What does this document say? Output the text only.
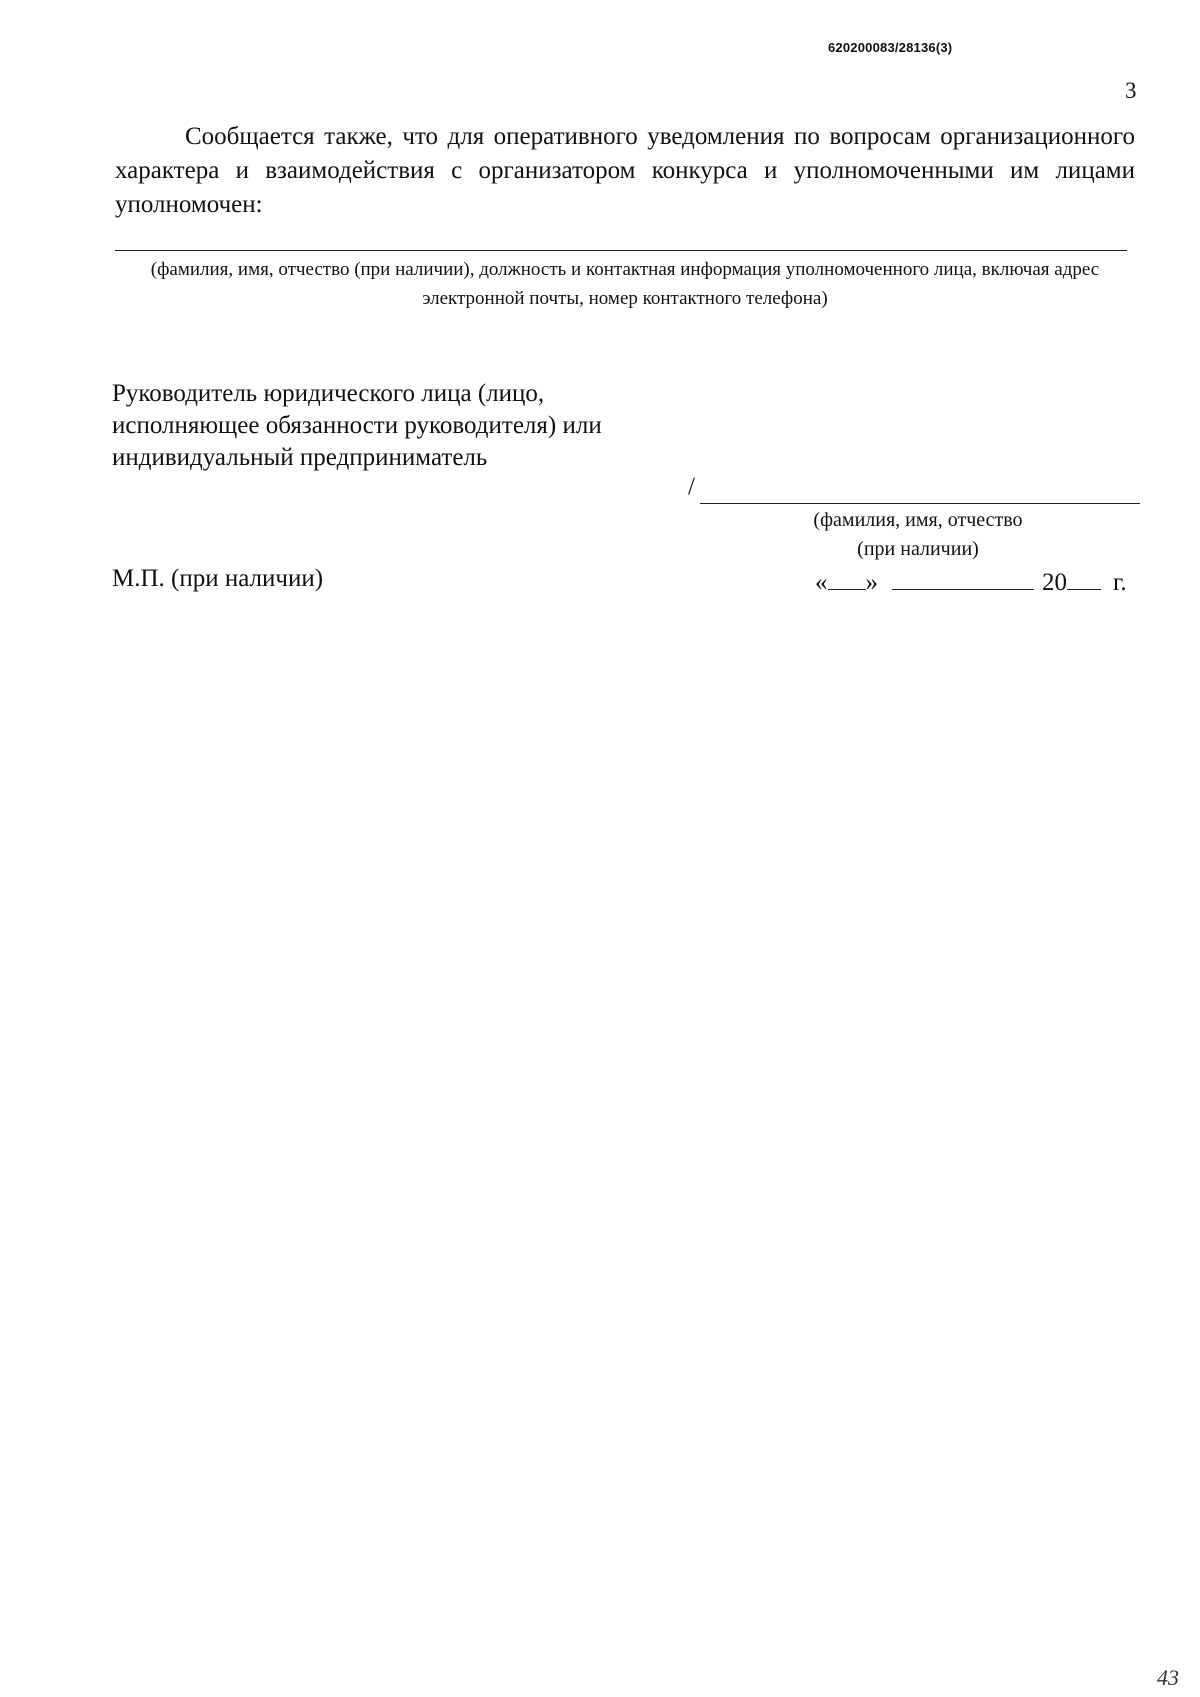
620200083/28136(3)
3

Сообщается также, что для оперативного уведомления по вопросам организационного характера и взаимодействия с организатором конкурса и уполномоченными им лицами уполномочен:

(фамилия, имя, отчество (при наличии), должность и контактная информация уполномоченного лица, включая адрес электронной почты, номер контактного телефона)

Руководитель юридического лица (лицо, исполняющее обязанности руководителя) или индивидуальный предприниматель

/
(фамилия, имя, отчество
(при наличии)
М.П. (при наличии)	« »	20 г.
43
